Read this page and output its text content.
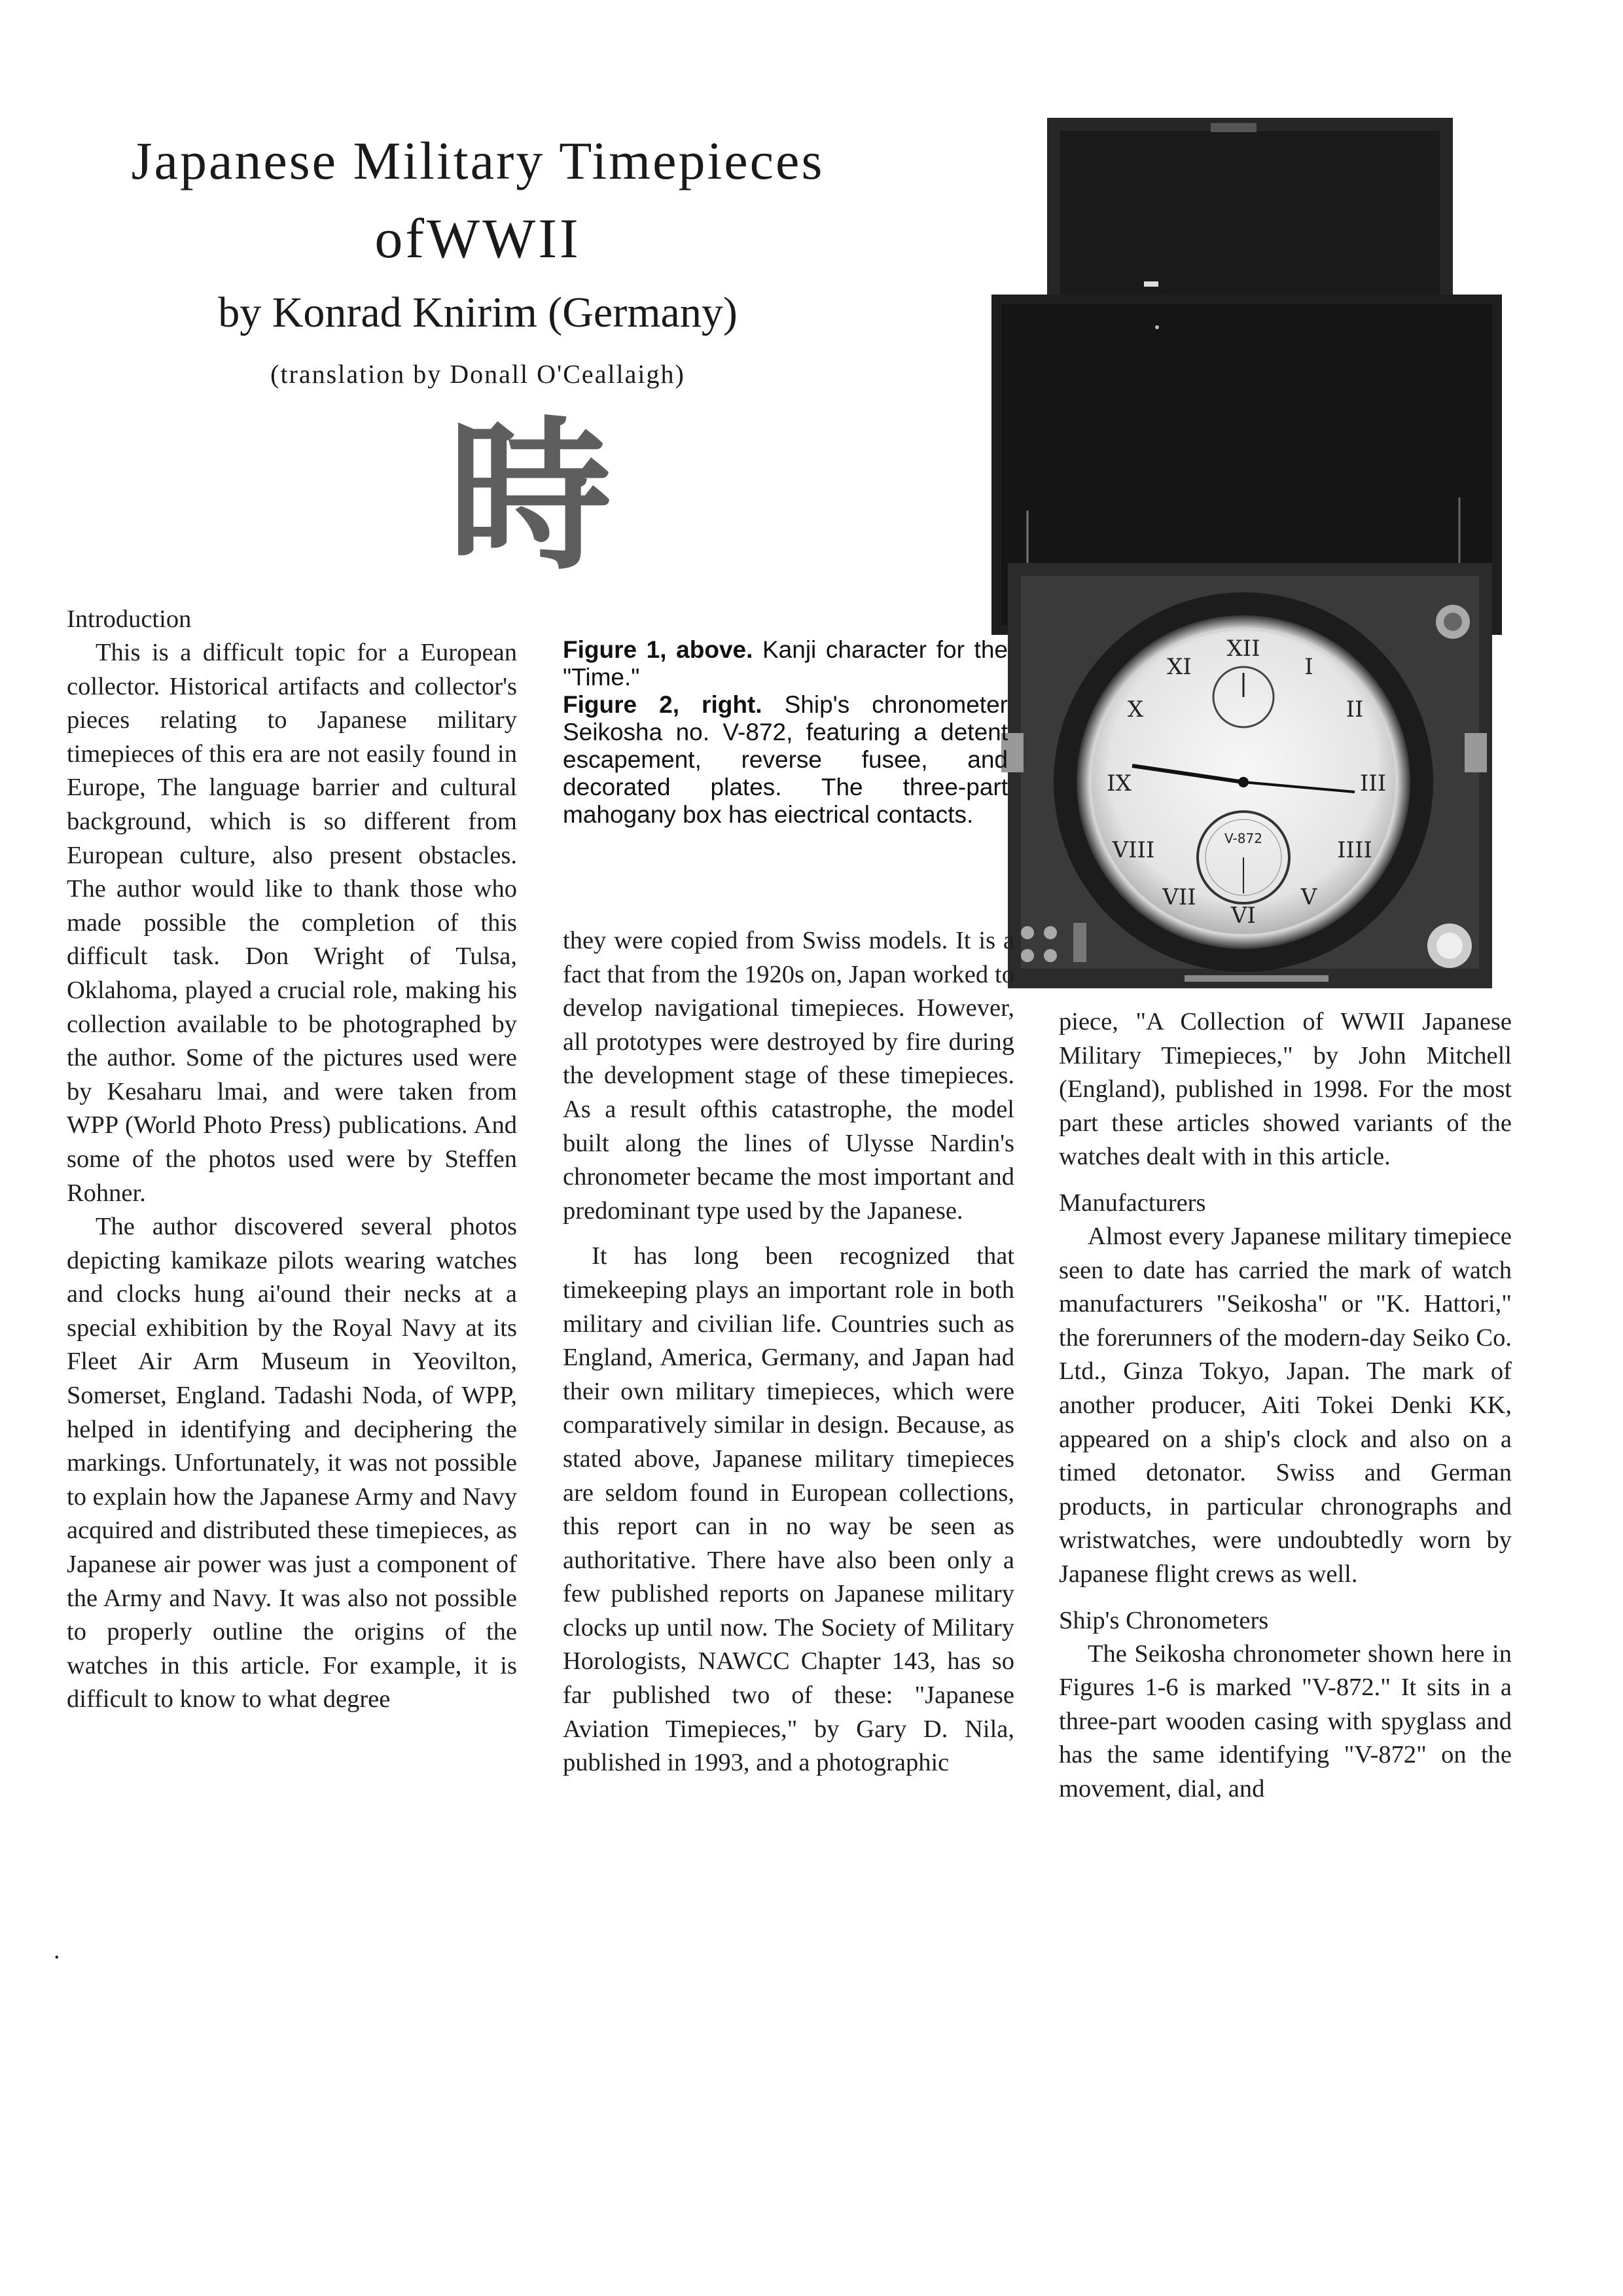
Japanese Military Timepieces
ofWWII
by Konrad Knirim (Germany)
(translation by Donall O'Ceallaigh)
時
XII
I
II
III
IIII
V
VI
VII
VIII
IX
X
XI
V-872
Figure 1, above. Kanji character for the "Time."
Figure 2, right. Ship's chronometer Seikosha no. V-872, featuring a detent escapement, reverse fusee, and decorated plates. The three-part mahogany box has eiectrical contacts.

Introduction

This is a difficult topic for a European collector. Historical artifacts and collector's pieces relating to Japanese military timepieces of this era are not easily found in Europe, The language barrier and cultural background, which is so different from European culture, also present obstacles. The author would like to thank those who made possible the completion of this difficult task. Don Wright of Tulsa, Oklahoma, played a crucial role, making his collection available to be photographed by the author. Some of the pictures used were by Kesaharu lmai, and were taken from WPP (World Photo Press) publications. And some of the photos used were by Steffen Rohner.

The author discovered several photos depicting kamikaze pilots wearing watches and clocks hung ai'ound their necks at a special exhibition by the Royal Navy at its Fleet Air Arm Museum in Yeovilton, Somerset, England. Tadashi Noda, of WPP, helped in identifying and deciphering the markings. Unfortunately, it was not possible to explain how the Japanese Army and Navy acquired and distributed these timepieces, as Japanese air power was just a component of the Army and Navy. It was also not possible to properly outline the origins of the watches in this article. For example, it is difficult to know to what degree

.

they were copied from Swiss models. It is a fact that from the 1920s on, Japan worked to develop navigational timepieces. However, all prototypes were destroyed by fire during the development stage of these timepieces. As a result ofthis catastrophe, the model built along the lines of Ulysse Nardin's chronometer became the most important and predominant type used by the Japanese.

It has long been recognized that timekeeping plays an important role in both military and civilian life. Countries such as England, America, Germany, and Japan had their own military timepieces, which were comparatively similar in design. Because, as stated above, Japanese military timepieces are seldom found in European collections, this report can in no way be seen as authoritative. There have also been only a few published reports on Japanese military clocks up until now. The Society of Military Horologists, NAWCC Chapter 143, has so far published two of these: "Japanese Aviation Timepieces," by Gary D. Nila, published in 1993, and a photographic

piece, "A Collection of WWII Japanese Military Timepieces," by John Mitchell (England), published in 1998. For the most part these articles showed variants of the watches dealt with in this article.

Manufacturers

Almost every Japanese military timepiece seen to date has carried the mark of watch manufacturers "Seikosha" or "K. Hattori," the forerunners of the modern-day Seiko Co. Ltd., Ginza Tokyo, Japan. The mark of another producer, Aiti Tokei Denki KK, appeared on a ship's clock and also on a timed detonator. Swiss and German products, in particular chronographs and wristwatches, were undoubtedly worn by Japanese flight crews as well.

Ship's Chronometers

The Seikosha chronometer shown here in Figures 1-6 is marked "V-872." It sits in a three-part wooden casing with spyglass and has the same identifying "V-872" on the movement, dial, and
